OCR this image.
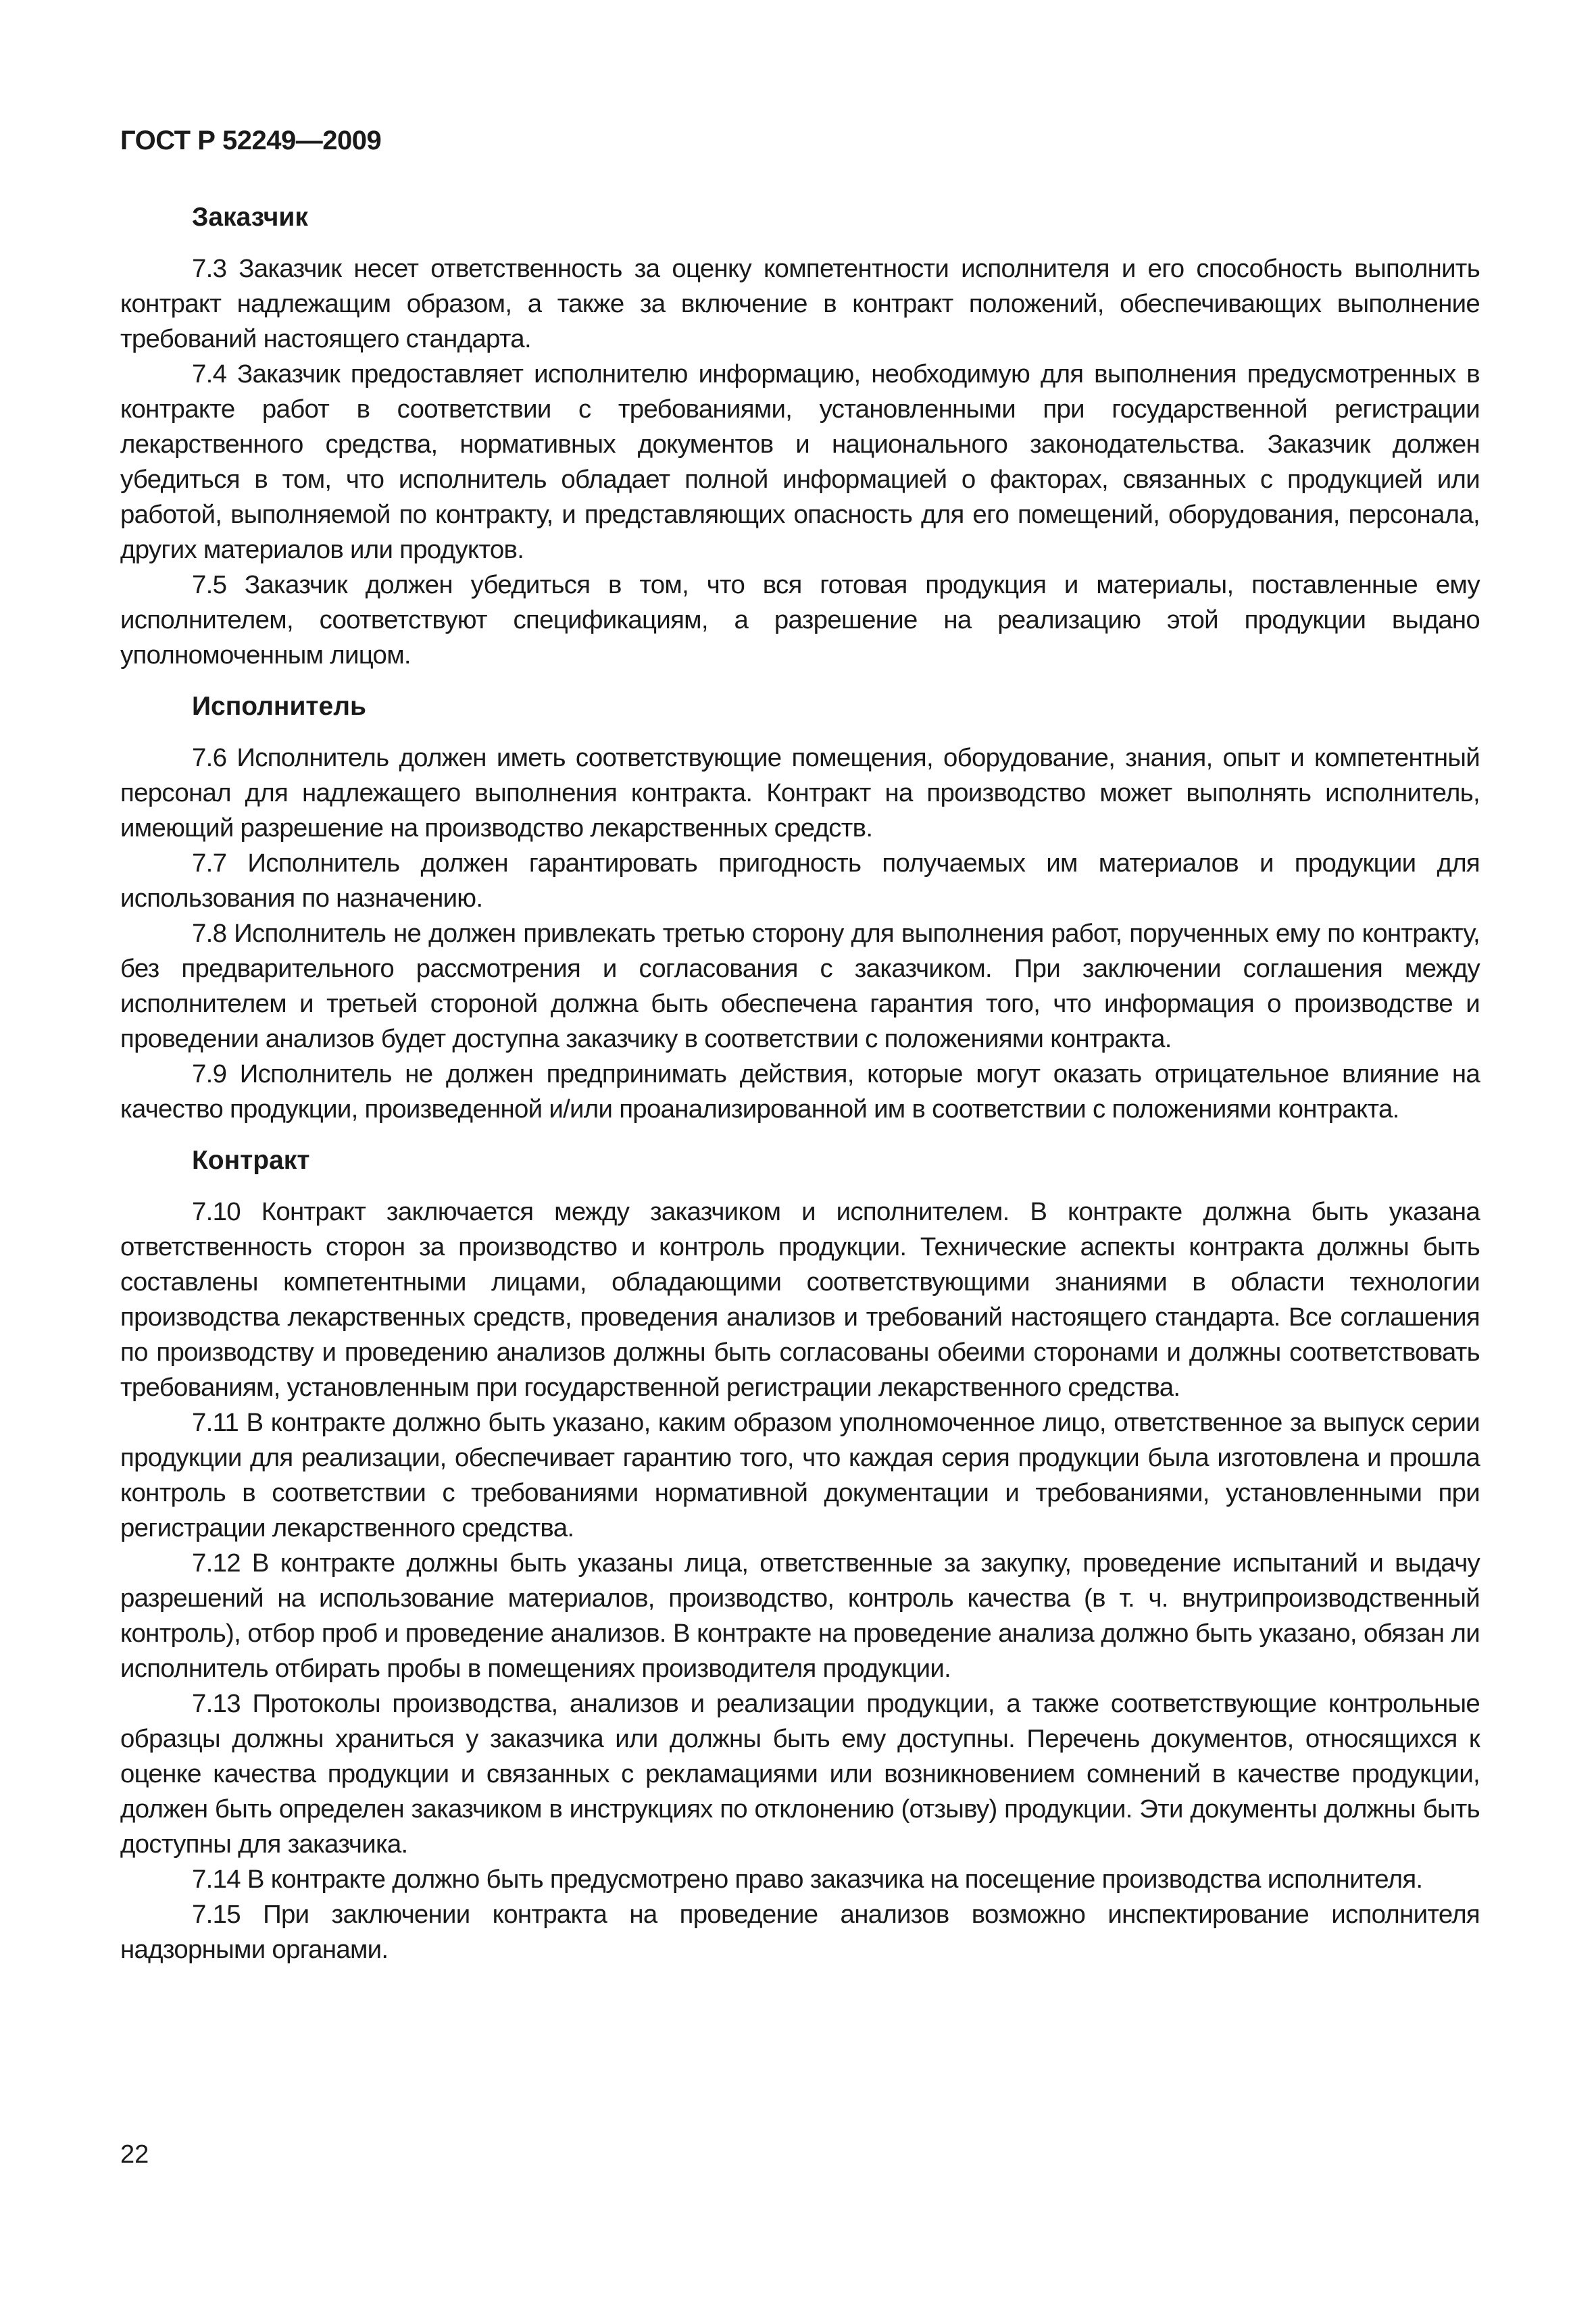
ГОСТ Р 52249—2009
Заказчик

7.3 Заказчик несет ответственность за оценку компетентности исполнителя и его способность выполнить контракт надлежащим образом, а также за включение в контракт положений, обеспечивающих выполнение требований настоящего стандарта.

7.4 Заказчик предоставляет исполнителю информацию, необходимую для выполнения предусмотренных в контракте работ в соответствии с требованиями, установленными при государственной регистрации лекарственного средства, нормативных документов и национального законодательства. Заказчик должен убедиться в том, что исполнитель обладает полной информацией о факторах, связанных с продукцией или работой, выполняемой по контракту, и представляющих опасность для его помещений, оборудования, персонала, других материалов или продуктов.

7.5 Заказчик должен убедиться в том, что вся готовая продукция и материалы, поставленные ему исполнителем, соответствуют спецификациям, а разрешение на реализацию этой продукции выдано уполномоченным лицом.

Исполнитель

7.6 Исполнитель должен иметь соответствующие помещения, оборудование, знания, опыт и компетентный персонал для надлежащего выполнения контракта. Контракт на производство может выполнять исполнитель, имеющий разрешение на производство лекарственных средств.

7.7 Исполнитель должен гарантировать пригодность получаемых им материалов и продукции для использования по назначению.

7.8 Исполнитель не должен привлекать третью сторону для выполнения работ, порученных ему по контракту, без предварительного рассмотрения и согласования с заказчиком. При заключении соглашения между исполнителем и третьей стороной должна быть обеспечена гарантия того, что информация о производстве и проведении анализов будет доступна заказчику в соответствии с положениями контракта.

7.9 Исполнитель не должен предпринимать действия, которые могут оказать отрицательное влияние на качество продукции, произведенной и/или проанализированной им в соответствии с положениями контракта.

Контракт

7.10 Контракт заключается между заказчиком и исполнителем. В контракте должна быть указана ответственность сторон за производство и контроль продукции. Технические аспекты контракта должны быть составлены компетентными лицами, обладающими соответствующими знаниями в области технологии производства лекарственных средств, проведения анализов и требований настоящего стандарта. Все соглашения по производству и проведению анализов должны быть согласованы обеими сторонами и должны соответствовать требованиям, установленным при государственной регистрации лекарственного средства.

7.11 В контракте должно быть указано, каким образом уполномоченное лицо, ответственное за выпуск серии продукции для реализации, обеспечивает гарантию того, что каждая серия продукции была изготовлена и прошла контроль в соответствии с требованиями нормативной документации и требованиями, установленными при регистрации лекарственного средства.

7.12 В контракте должны быть указаны лица, ответственные за закупку, проведение испытаний и выдачу разрешений на использование материалов, производство, контроль качества (в т. ч. внутрипроизводственный контроль), отбор проб и проведение анализов. В контракте на проведение анализа должно быть указано, обязан ли исполнитель отбирать пробы в помещениях производителя продукции.

7.13 Протоколы производства, анализов и реализации продукции, а также соответствующие контрольные образцы должны храниться у заказчика или должны быть ему доступны. Перечень документов, относящихся к оценке качества продукции и связанных с рекламациями или возникновением сомнений в качестве продукции, должен быть определен заказчиком в инструкциях по отклонению (отзыву) продукции. Эти документы должны быть доступны для заказчика.

7.14 В контракте должно быть предусмотрено право заказчика на посещение производства исполнителя.

7.15 При заключении контракта на проведение анализов возможно инспектирование исполнителя надзорными органами.

22
